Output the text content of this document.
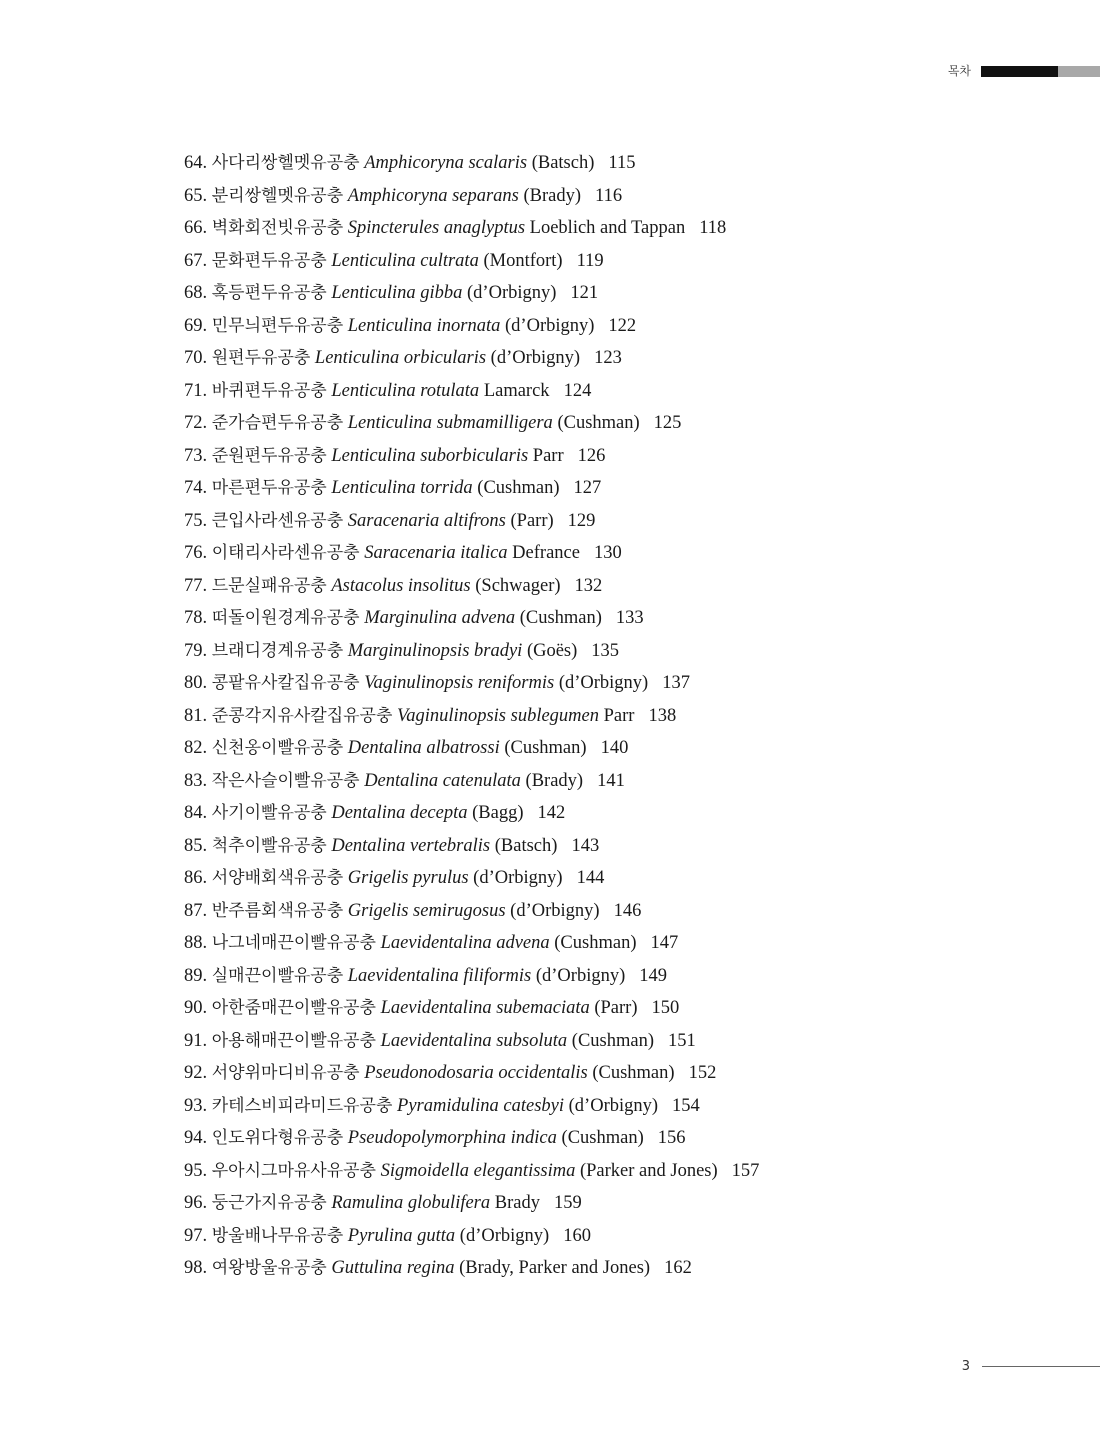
목차
64. 사다리쌍헬멧유공충 Amphicoryna scalaris (Batsch) 115
65. 분리쌍헬멧유공충 Amphicoryna separans (Brady) 116
66. 벽화회전빗유공충 Spincterules anaglyptus Loeblich and Tappan 118
67. 문화편두유공충 Lenticulina cultrata (Montfort) 119
68. 혹등편두유공충 Lenticulina gibba (d’Orbigny) 121
69. 민무늬편두유공충 Lenticulina inornata (d’Orbigny) 122
70. 원편두유공충 Lenticulina orbicularis (d’Orbigny) 123
71. 바퀴편두유공충 Lenticulina rotulata Lamarck 124
72. 준가슴편두유공충 Lenticulina submamilligera (Cushman) 125
73. 준원편두유공충 Lenticulina suborbicularis Parr 126
74. 마른편두유공충 Lenticulina torrida (Cushman) 127
75. 큰입사라센유공충 Saracenaria altifrons (Parr) 129
76. 이태리사라센유공충 Saracenaria italica Defrance 130
77. 드문실패유공충 Astacolus insolitus (Schwager) 132
78. 떠돌이원경계유공충 Marginulina advena (Cushman) 133
79. 브래디경계유공충 Marginulinopsis bradyi (Goës) 135
80. 콩팥유사칼집유공충 Vaginulinopsis reniformis (d’Orbigny) 137
81. 준콩각지유사칼집유공충 Vaginulinopsis sublegumen Parr 138
82. 신천옹이빨유공충 Dentalina albatrossi (Cushman) 140
83. 작은사슬이빨유공충 Dentalina catenulata (Brady) 141
84. 사기이빨유공충 Dentalina decepta (Bagg) 142
85. 척추이빨유공충 Dentalina vertebralis (Batsch) 143
86. 서양배회색유공충 Grigelis pyrulus (d’Orbigny) 144
87. 반주름회색유공충 Grigelis semirugosus (d’Orbigny) 146
88. 나그네매끈이빨유공충 Laevidentalina advena (Cushman) 147
89. 실매끈이빨유공충 Laevidentalina filiformis (d’Orbigny) 149
90. 아한줌매끈이빨유공충 Laevidentalina subemaciata (Parr) 150
91. 아용해매끈이빨유공충 Laevidentalina subsoluta (Cushman) 151
92. 서양위마디비유공충 Pseudonodosaria occidentalis (Cushman) 152
93. 카테스비피라미드유공충 Pyramidulina catesbyi (d’Orbigny) 154
94. 인도위다형유공충 Pseudopolymorphina indica (Cushman) 156
95. 우아시그마유사유공충 Sigmoidella elegantissima (Parker and Jones) 157
96. 둥근가지유공충 Ramulina globulifera Brady 159
97. 방울배나무유공충 Pyrulina gutta (d’Orbigny) 160
98. 여왕방울유공충 Guttulina regina (Brady, Parker and Jones) 162
3
